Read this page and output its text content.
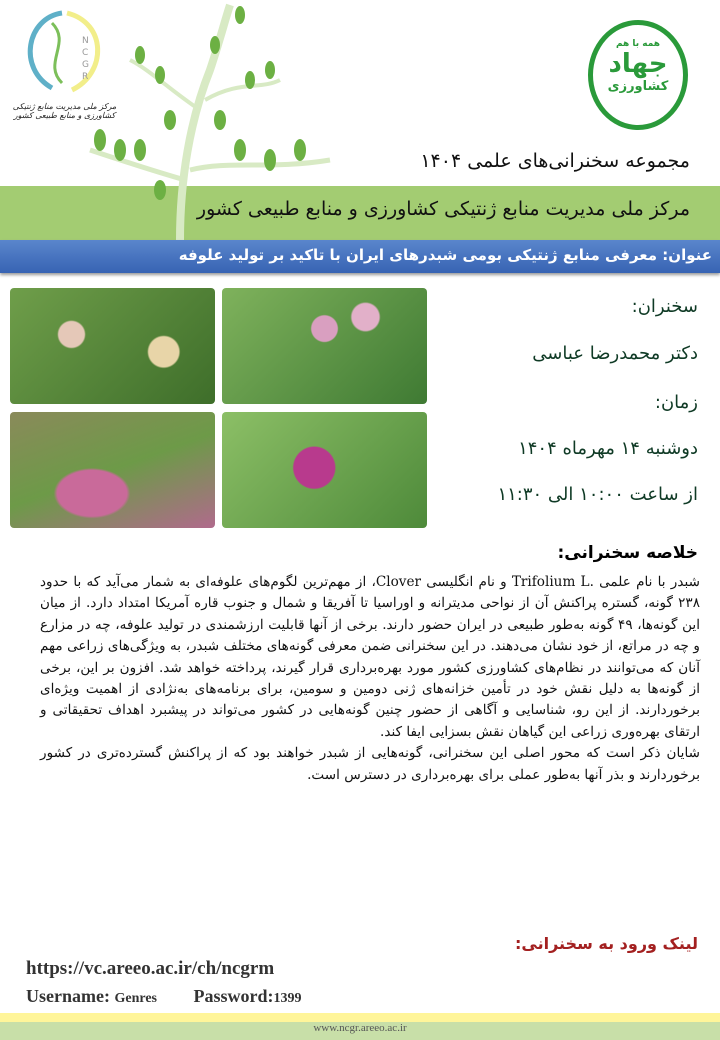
N
C
G
R
مرکز ملی مدیریت منابع ژنتیکی کشاورزی و منابع طبیعی کشور
همه با هم
جهاد
کشاورزی
مجموعه سخنرانی‌های علمی ۱۴۰۴
مرکز ملی مدیریت منابع ژنتیکی کشاورزی و منابع طبیعی کشور
عنوان: معرفی منابع ژنتیکی بومی شبدرهای ایران با تاکید بر تولید علوفه
سخنران:
دکتر محمدرضا عباسی
زمان:
دوشنبه ۱۴ مهرماه ۱۴۰۴
از ساعت ۱۰:۰۰ الی ۱۱:۳۰
خلاصه سخنرانی:

شبدر با نام علمی .Trifolium L و نام انگلیسی Clover، از مهم‌ترین لگوم‌های علوفه‌ای به شمار می‌آید که با حدود ۲۳۸ گونه، گستره پراکنش آن از نواحی مدیترانه و اوراسیا تا آفریقا و شمال و جنوب قاره آمریکا امتداد دارد. از میان این گونه‌ها، ۴۹ گونه به‌طور طبیعی در ایران حضور دارند. برخی از آنها قابلیت ارزشمندی در تولید علوفه، چه در مزارع و چه در مراتع، از خود نشان می‌دهند. در این سخنرانی ضمن معرفی گونه‌های مختلف شبدر، به ویژگی‌های زراعی مهم آنان که می‌توانند در نظام‌های کشاورزی کشور مورد بهره‌برداری قرار گیرند، پرداخته خواهد شد. افزون بر این، برخی از گونه‌ها به دلیل نقش خود در تأمین خزانه‌های ژنی دومین و سومین، برای برنامه‌های به‌نژادی از اهمیت ویژه‌ای برخوردارند. از این رو، شناسایی و آگاهی از حضور چنین گونه‌هایی در کشور می‌تواند در پیشبرد اهداف تحقیقاتی و ارتقای بهره‌وری زراعی این گیاهان نقش بسزایی ایفا کند.

شایان ذکر است که محور اصلی این سخنرانی، گونه‌هایی از شبدر خواهند بود که از پراکنش گسترده‌تری در کشور برخوردارند و بذر آنها به‌طور عملی برای بهره‌برداری در دسترس است.

لینک ورود به سخنرانی:
https://vc.areeo.ac.ir/ch/ncgrm
Username: Genres Password:1399
www.ncgr.areeo.ac.ir
